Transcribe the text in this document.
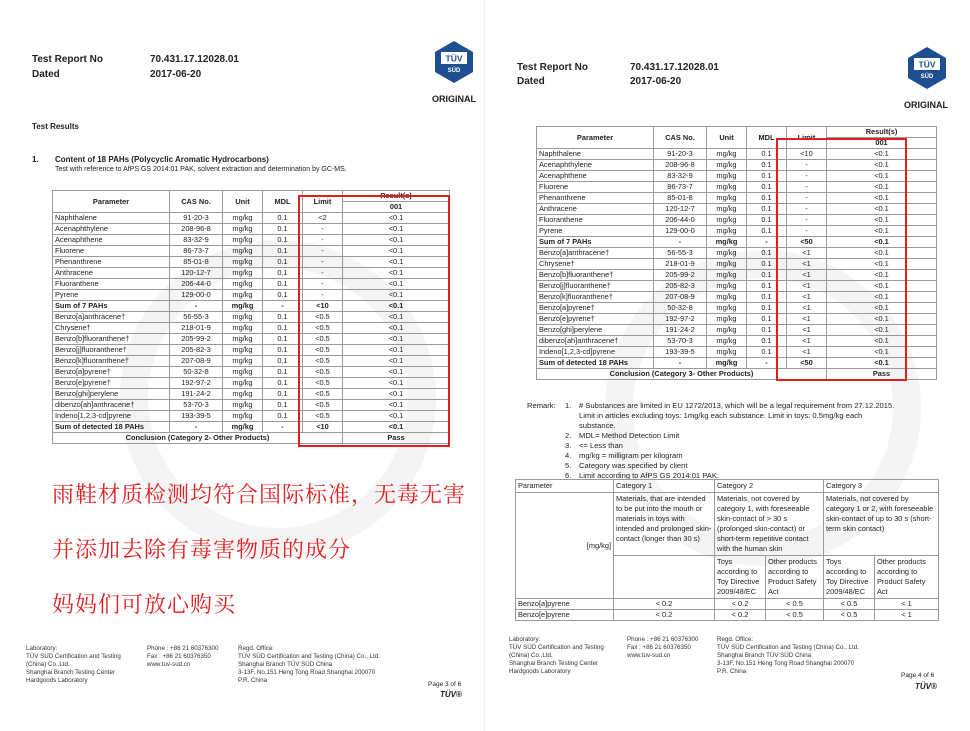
Test Report No	70.431.17.12028.01
Dated	2017-06-20
TÜV
SÜD
ORIGINAL
Test Results
1. Content of 18 PAHs (Polycyclic Aromatic Hydrocarbons)
Test with reference to AfPS GS 2014:01 PAK, solvent extraction and determination by GC-MS.
Parameter	CAS No.	Unit	MDL	Limit	Result(s)
					001
Naphthalene	91-20-3	mg/kg	0.1	<2	<0.1
Acenaphthylene	208-96-8	mg/kg	0.1	-	<0.1
Acenaphthene	83-32-9	mg/kg	0.1	-	<0.1
Fluorene	86-73-7	mg/kg	0.1	-	<0.1
Phenanthrene	85-01-8	mg/kg	0.1	-	<0.1
Anthracene	120-12-7	mg/kg	0.1	-	<0.1
Fluoranthene	206-44-0	mg/kg	0.1	-	<0.1
Pyrene	129-00-0	mg/kg	0.1	-	<0.1
Sum of 7 PAHs	-	mg/kg	-	<10	<0.1
Benzo[a]anthracene†	56-55-3	mg/kg	0.1	<0.5	<0.1
Chrysene†	218-01-9	mg/kg	0.1	<0.5	<0.1
Benzo[b]fluoranthene†	205-99-2	mg/kg	0.1	<0.5	<0.1
Benzo[j]fluoranthene†	205-82-3	mg/kg	0.1	<0.5	<0.1
Benzo[k]fluoranthene†	207-08-9	mg/kg	0.1	<0.5	<0.1
Benzo[a]pyrene†	50-32-8	mg/kg	0.1	<0.5	<0.1
Benzo[e]pyrene†	192-97-2	mg/kg	0.1	<0.5	<0.1
Benzo[ghi]perylene	191-24-2	mg/kg	0.1	<0.5	<0.1
dibenzo[ah]anthracene†	53-70-3	mg/kg	0.1	<0.5	<0.1
Indeno[1,2,3-cd]pyrene	193-39-5	mg/kg	0.1	<0.5	<0.1
Sum of detected 18 PAHs	-	mg/kg	-	<10	<0.1
Conclusion (Category 2- Other Products)					Pass
Laboratory:
TÜV SÜD Certification and Testing
(China) Co.,Ltd.
Shanghai Branch Testing Center
Hardgoods Laboratory
Phone : +86 21 60376300
Fax : +86 21 60376350
www.tuv-sud.cn
Regd. Office:
TÜV SÜD Certification and Testing (China) Co., Ltd.
Shanghai Branch TÜV SÜD China
3-13F, No.151 Heng Tong Road Shanghai 200070
P.R. China
Page 3 of 6
TÜV®
Test Report No	70.431.17.12028.01
Dated	2017-06-20
TÜV
SÜD
ORIGINAL
Parameter	CAS No.	Unit	MDL	Limit	Result(s)
					001
Naphthalene	91-20-3	mg/kg	0.1	<10	<0.1
Acenaphthylene	208-96-8	mg/kg	0.1	-	<0.1
Acenaphthene	83-32-9	mg/kg	0.1	-	<0.1
Fluorene	86-73-7	mg/kg	0.1	-	<0.1
Phenanthrene	85-01-8	mg/kg	0.1	-	<0.1
Anthracene	120-12-7	mg/kg	0.1	-	<0.1
Fluoranthene	206-44-0	mg/kg	0.1	-	<0.1
Pyrene	129-00-0	mg/kg	0.1	-	<0.1
Sum of 7 PAHs	-	mg/kg	-	<50	<0.1
Benzo[a]anthracene†	56-55-3	mg/kg	0.1	<1	<0.1
Chrysene†	218-01-9	mg/kg	0.1	<1	<0.1
Benzo[b]fluoranthene†	205-99-2	mg/kg	0.1	<1	<0.1
Benzo[j]fluoranthene†	205-82-3	mg/kg	0.1	<1	<0.1
Benzo[k]fluoranthene†	207-08-9	mg/kg	0.1	<1	<0.1
Benzo[a]pyrene†	50-32-8	mg/kg	0.1	<1	<0.1
Benzo[e]pyrene†	192-97-2	mg/kg	0.1	<1	<0.1
Benzo[ghi]perylene	191-24-2	mg/kg	0.1	<1	<0.1
dibenzo[ah]anthracene†	53-70-3	mg/kg	0.1	<1	<0.1
Indeno[1,2,3-cd]pyrene	193-39-5	mg/kg	0.1	<1	<0.1
Sum of detected 18 PAHs	-	mg/kg	-	<50	<0.1
Conclusion (Category 3- Other Products)					Pass
Remark:	1.	# Substances are limited in EU 1272/2013, which will be a legal requirement from 27.12.2015.
Limit in articles excluding toys: 1mg/kg each substance. Limit in toys: 0.5mg/kg each
substance.
2.	MDL= Method Detection Limit
3.	<= Less than
4.	mg/kg = milligram per kilogram
5.	Category was specified by client
6.	Limit according to AfPS GS 2014:01 PAK:
Parameter	Category 1	Category 2		Category 3	
[mg/kg]	Materials, that are intended to be put into the mouth or materials in toys with intended and prolonged skin-contact (longer than 30 s)	Materials, not covered by category 1, with foreseeable skin-contact of > 30 s (prolonged skin-contact) or short-term repetitive contact with the human skin		Materials, not covered by category 1 or 2, with foreseeable skin-contact of up to 30 s (short-term skin contact)	
		Toys according to Toy Directive 2009/48/EC	Other products according to Product Safety Act	Toys according to Toy Directive 2009/48/EC	Other products according to Product Safety Act
Benzo[a]pyrene	< 0.2	< 0.2	< 0.5	< 0.5	< 1
Benzo[e]pyrene	< 0.2	< 0.2	< 0.5	< 0.5	< 1
Laboratory:
TÜV SÜD Certification and Testing
(China) Co.,Ltd.
Shanghai Branch Testing Center
Hardgoods Laboratory
Phone : +86 21 60376300
Fax : +86 21 60376350
www.tuv-sud.cn
Regd. Office:
TÜV SÜD Certification and Testing (China) Co., Ltd.
Shanghai Branch TÜV SÜD China
3-13F, No.151 Heng Tong Road Shanghai 200070
P.R. China
Page 4 of 6
TÜV®
雨鞋材质检测均符合国际标准，无毒无害
并添加去除有毒害物质的成分
妈妈们可放心购买
